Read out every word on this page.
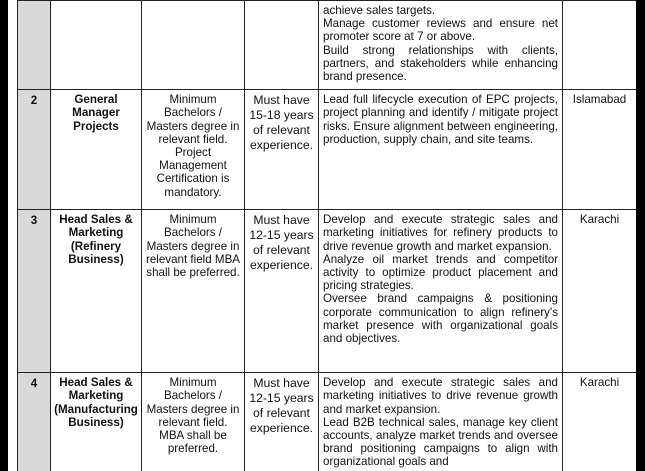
				achieve sales targets.

Manage customer reviews and ensure net promoter score at 7 or above.

Build strong relationships with clients, partners, and stakeholders while enhancing brand presence.	

2	General Manager Projects	Minimum Bachelors / Masters degree in relevant field. Project Management Certification is mandatory.	Must have 15-18 years of relevant experience.	Lead full lifecycle execution of EPC projects, project planning and identify / mitigate project risks. Ensure alignment between engineering, production, supply chain, and site teams.	Islamabad
3	Head Sales & Marketing (Refinery Business)	Minimum Bachelors / Masters degree in relevant field MBA shall be preferred.	Must have 12-15 years of relevant experience.	Develop and execute strategic sales and marketing initiatives for refinery products to drive revenue growth and market expansion.

Analyze oil market trends and competitor activity to optimize product placement and pricing strategies.

Oversee brand campaigns & positioning corporate communication to align refinery's market presence with organizational goals and objectives.	Karachi
4	Head Sales & Marketing (Manufacturing Business)	Minimum Bachelors / Masters degree in relevant field. MBA shall be preferred.	Must have 12-15 years of relevant experience.	Develop and execute strategic sales and marketing initiatives to drive revenue growth and market expansion.

Lead B2B technical sales, manage key client accounts, analyze market trends and oversee brand positioning campaigns to align with organizational goals and	Karachi
